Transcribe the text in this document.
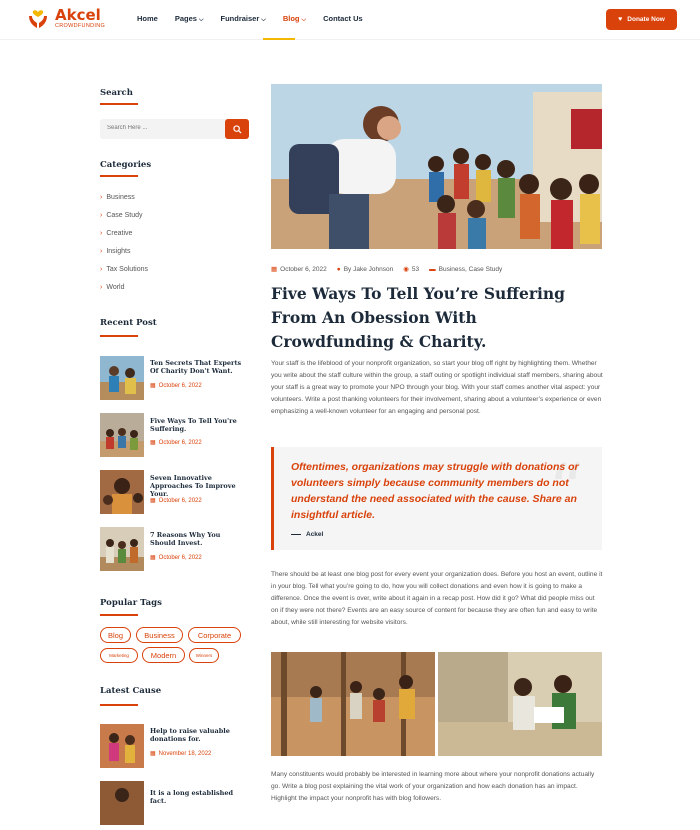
Akcel
CROWDFUNDING
Home Pages ⌵ Fundraiser ⌵ Blog ⌵ Contact Us	♥ Donate Now
Search
Search Here ...
Categories
› Business
› Case Study
› Creative
› Insights
› Tax Solutions
› World
Recent Post
Ten Secrets That Experts Of Charity Don't Want.
▦ October 6, 2022
Five Ways To Tell You're Suffering.
▦ October 6, 2022
Seven Innovative Approaches To Improve Your.
▦ October 6, 2022
7 Reasons Why You Should Invest.
▦ October 6, 2022
Popular Tags
Blog	Business	Corporate
Marketing	Modern	Winners
Latest Cause
Help to raise valuable donations for.
▦ November 18, 2022
It is a long established fact.
▦ October 6, 2022 ● By Jake Johnson ◉ 53 ▬ Business, Case Study
Five Ways To Tell You’re Suffering From An Obession With Crowdfunding & Charity.

Your staff is the lifeblood of your nonprofit organization, so start your blog off right by highlighting them. Whether you write about the staff culture within the group, a staff outing or spotlight individual staff members, sharing about your staff is a great way to promote your NPO through your blog. With your staff comes another vital aspect: your volunteers. Write a post thanking volunteers for their involvement, sharing about a volunteer’s experience or even emphasizing a well-known volunteer for an engaging and personal post.

“
Oftentimes, organizations may struggle with donations or volunteers simply because community members do not understand the need associated with the cause. Share an insightful article.
Ackel

There should be at least one blog post for every event your organization does. Before you host an event, outline it in your blog. Tell what you’re going to do, how you will collect donations and even how it is going to make a difference. Once the event is over, write about it again in a recap post. How did it go? What did people miss out on if they were not there? Events are an easy source of content for because they are often fun and easy to write about, while still interesting for website visitors.

Many constituents would probably be interested in learning more about where your nonprofit donations actually go. Write a blog post explaining the vital work of your organization and how each donation has an impact. Highlight the impact your nonprofit has with blog followers.
